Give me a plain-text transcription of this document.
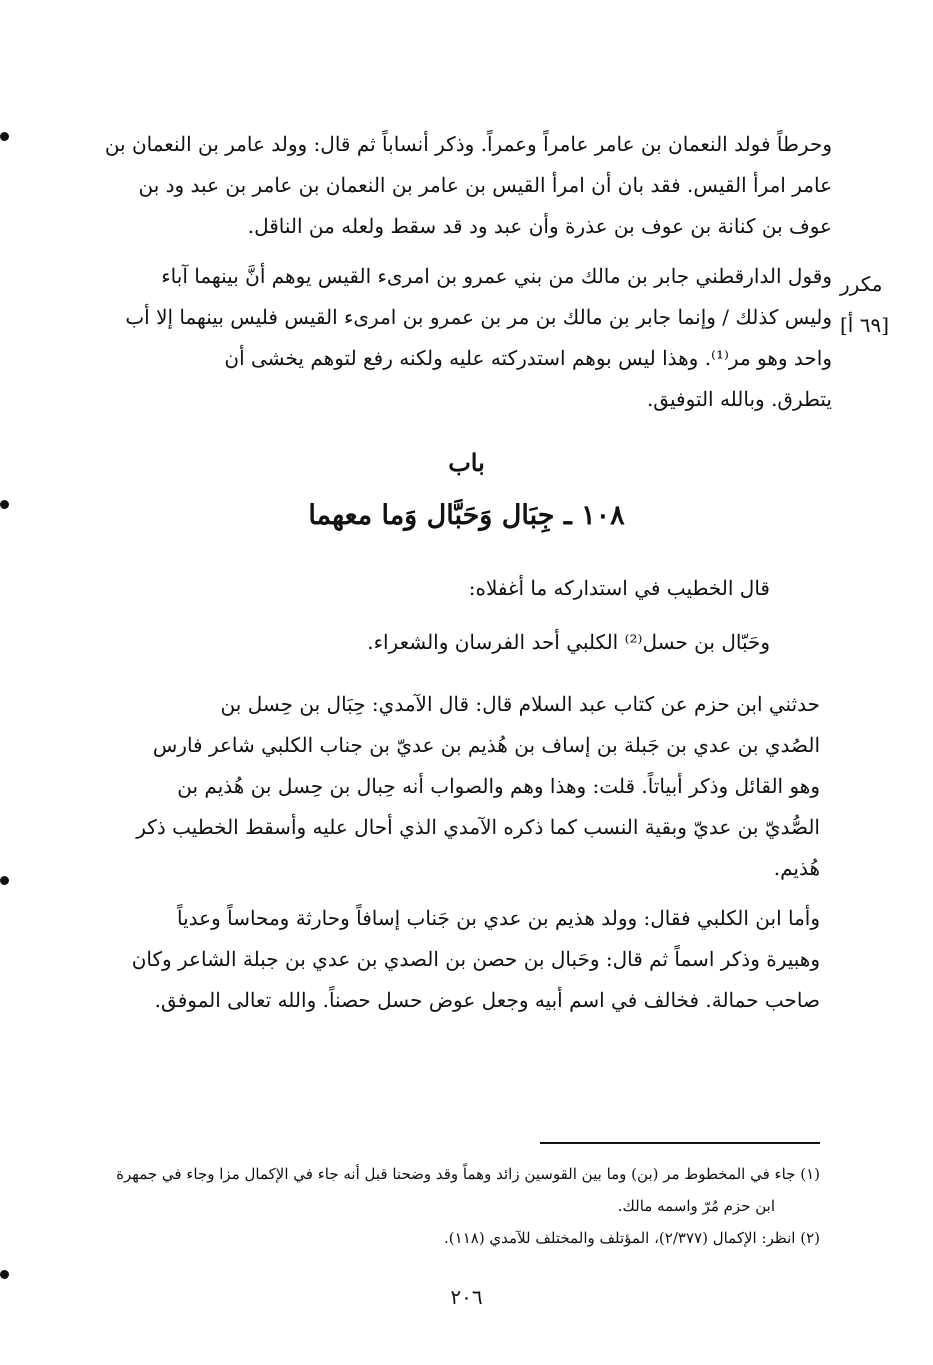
وحرطاً فولد النعمان بن عامر عامراً وعمراً. وذكر أنساباً ثم قال: وولد عامر بن النعمان بن
عامر امرأ القيس. فقد بان أن امرأ القيس بن عامر بن النعمان بن عامر بن عبد ود بن
عوف بن كنانة بن عوف بن عذرة وأن عبد ود قد سقط ولعله من الناقل.
مكرر
[٦٩ أ]
وقول الدارقطني جابر بن مالك من بني عمرو بن امرىء القيس يوهم أنَّ بينهما آباء
وليس كذلك / وإنما جابر بن مالك بن مر بن عمرو بن امرىء القيس فليس بينهما إلا أب
واحد وهو مر⁽¹⁾. وهذا ليس بوهم استدركته عليه ولكنه رفع لتوهم يخشى أن
يتطرق. وبالله التوفيق.
باب
١٠٨ ـ جِبَال وَحَبَّال وَما معهما
قال الخطيب في استداركه ما أغفلاه:
وحَبّال بن حسل⁽²⁾ الكلبي أحد الفرسان والشعراء.
حدثني ابن حزم عن كتاب عبد السلام قال: قال الآمدي: حِبَال بن حِسل بن
الصُدي بن عدي بن جَبلة بن إساف بن هُذيم بن عديّ بن جناب الكلبي شاعر فارس
وهو القائل وذكر أبياتاً. قلت: وهذا وهم والصواب أنه حِبال بن حِسل بن هُذيم بن
الصُّديّ بن عديّ وبقية النسب كما ذكره الآمدي الذي أحال عليه وأسقط الخطيب ذكر
هُذيم.
وأما ابن الكلبي فقال: وولد هذيم بن عدي بن جَناب إسافاً وحارثة ومحاساً وعدياً
وهبيرة وذكر اسماً ثم قال: وحَبال بن حصن بن الصدي بن عدي بن جبلة الشاعر وكان
صاحب حمالة. فخالف في اسم أبيه وجعل عوض حسل حصناً. والله تعالى الموفق.
(١) جاء في المخطوط مر (بن) وما بين القوسين زائد وهماً وقد وضحنا قبل أنه جاء في الإكمال مزا وجاء في جمهرة
ابن حزم مُرّ واسمه مالك.
(٢) انظر: الإكمال (٢/٣٧٧)، المؤتلف والمختلف للآمدي (١١٨).
٢٠٦
